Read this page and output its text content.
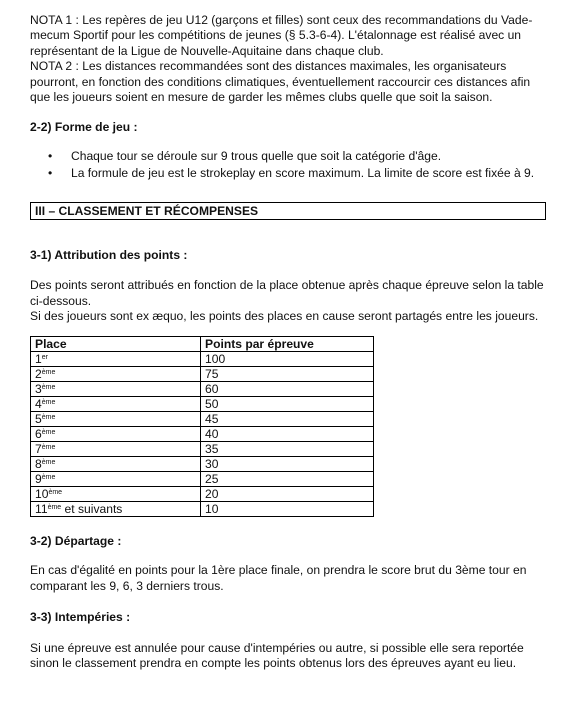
NOTA 1 : Les repères de jeu U12 (garçons et filles) sont ceux des recommandations du Vade-mecum Sportif pour les compétitions de jeunes (§ 5.3-6-4). L'étalonnage est réalisé avec un représentant de la Ligue de Nouvelle-Aquitaine dans chaque club.

NOTA 2 : Les distances recommandées sont des distances maximales, les organisateurs pourront, en fonction des conditions climatiques, éventuellement raccourcir ces distances afin que les joueurs soient en mesure de garder les mêmes clubs quelle que soit la saison.

2-2) Forme de jeu :

• Chaque tour se déroule sur 9 trous quelle que soit la catégorie d'âge.
• La formule de jeu est le strokeplay en score maximum. La limite de score est fixée à 9.
III – CLASSEMENT ET RÉCOMPENSES

3-1) Attribution des points :

Des points seront attribués en fonction de la place obtenue après chaque épreuve selon la table ci-dessous.

Si des joueurs sont ex æquo, les points des places en cause seront partagés entre les joueurs.

Place	Points par épreuve
1er	100
2ème	75
3ème	60
4ème	50
5ème	45
6ème	40
7ème	35
8ème	30
9ème	25
10ème	20
11ème et suivants	10

3-2) Départage :

En cas d'égalité en points pour la 1ère place finale, on prendra le score brut du 3ème tour en comparant les 9, 6, 3 derniers trous.

3-3) Intempéries :

Si une épreuve est annulée pour cause d'intempéries ou autre, si possible elle sera reportée sinon le classement prendra en compte les points obtenus lors des épreuves ayant eu lieu.
